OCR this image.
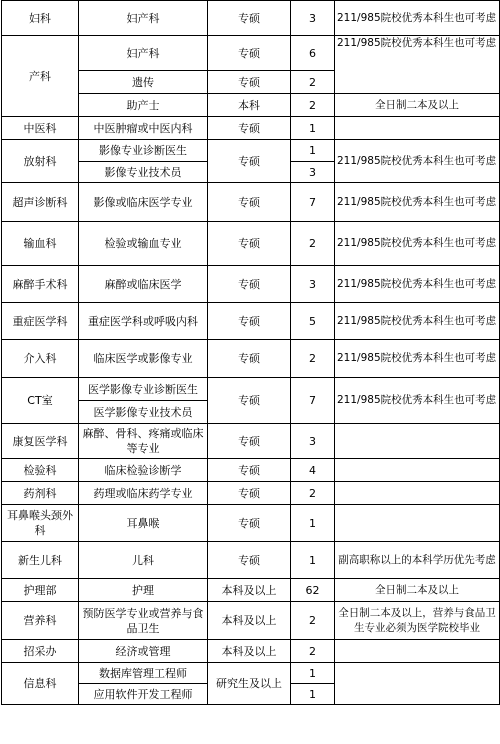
妇科	妇产科	专硕	3	211/985院校优秀本科生也可考虑
产科	妇产科	专硕	6	211/985院校优秀本科生也可考虑
	遗传	专硕	2	
	助产士	本科	2	全日制二本及以上
中医科	中医肿瘤或中医内科	专硕	1	
放射科	影像专业诊断医生	专硕	1	211/985院校优秀本科生也可考虑
	影像专业技术员		3	
超声诊断科	影像或临床医学专业	专硕	7	211/985院校优秀本科生也可考虑
输血科	检验或输血专业	专硕	2	211/985院校优秀本科生也可考虑
麻醉手术科	麻醉或临床医学	专硕	3	211/985院校优秀本科生也可考虑
重症医学科	重症医学科或呼吸内科	专硕	5	211/985院校优秀本科生也可考虑
介入科	临床医学或影像专业	专硕	2	211/985院校优秀本科生也可考虑
CT室	医学影像专业诊断医生	专硕	7	211/985院校优秀本科生也可考虑
	医学影像专业技术员			
康复医学科	麻醉、骨科、疼痛或临床等专业	专硕	3	
检验科	临床检验诊断学	专硕	4	
药剂科	药理或临床药学专业	专硕	2	
耳鼻喉头颈外科	耳鼻喉	专硕	1	
新生儿科	儿科	专硕	1	副高职称以上的本科学历优先考虑
护理部	护理	本科及以上	62	全日制二本及以上
营养科	预防医学专业或营养与食品卫生	本科及以上	2	全日制二本及以上，营养与食品卫生专业必须为医学院校毕业
招采办	经济或管理	本科及以上	2	
信息科	数据库管理工程师	研究生及以上	1	
	应用软件开发工程师		1	
